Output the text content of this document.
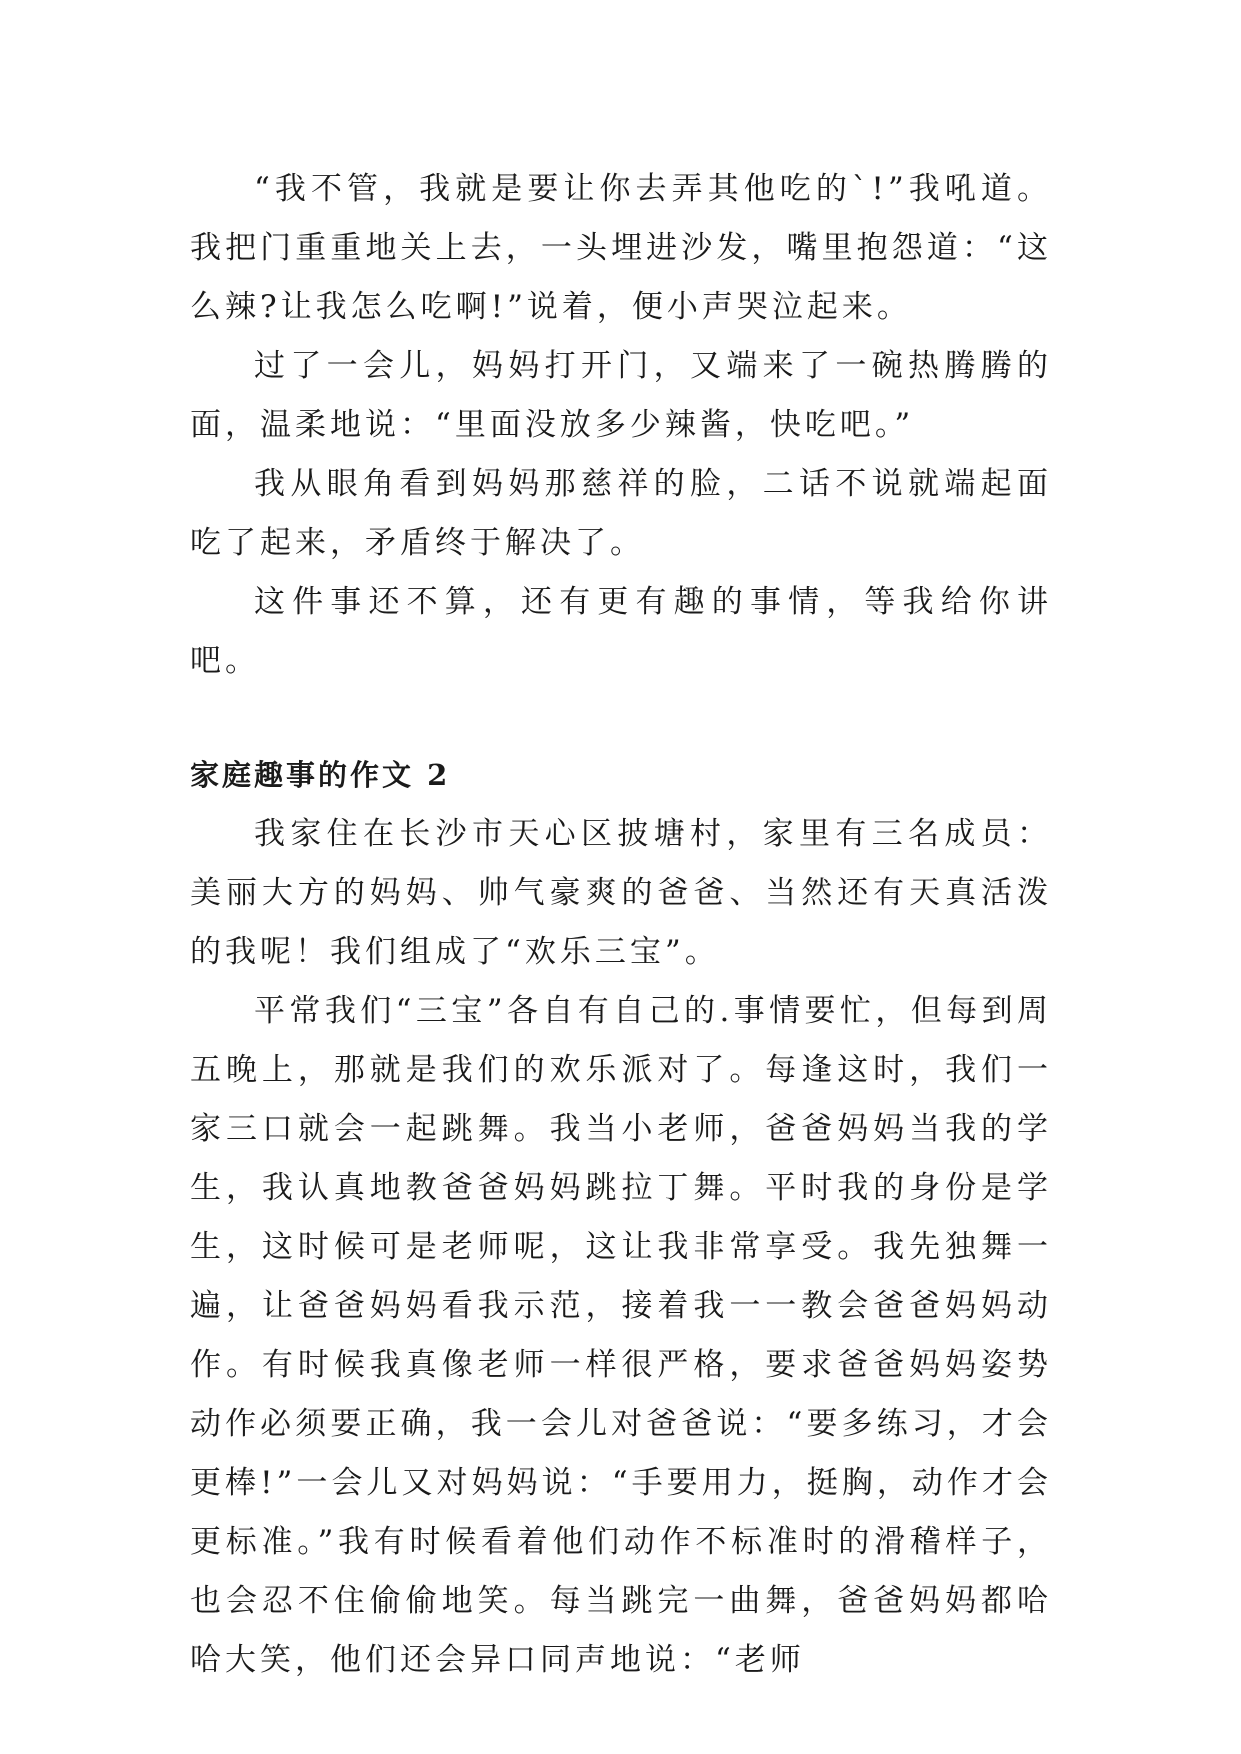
“我不管，我就是要让你去弄其他吃的`!”我吼道。我把门重重地关上去，一头埋进沙发，嘴里抱怨道：“这么辣?让我怎么吃啊!”说着，便小声哭泣起来。

过了一会儿，妈妈打开门，又端来了一碗热腾腾的面，温柔地说：“里面没放多少辣酱，快吃吧。”

我从眼角看到妈妈那慈祥的脸，二话不说就端起面吃了起来，矛盾终于解决了。

这件事还不算，还有更有趣的事情，等我给你讲吧。

家庭趣事的作文 2

我家住在长沙市天心区披塘村，家里有三名成员：美丽大方的妈妈、帅气豪爽的爸爸、当然还有天真活泼的我呢！我们组成了“欢乐三宝”。

平常我们“三宝”各自有自己的.事情要忙，但每到周五晚上，那就是我们的欢乐派对了。每逢这时，我们一家三口就会一起跳舞。我当小老师，爸爸妈妈当我的学生，我认真地教爸爸妈妈跳拉丁舞。平时我的身份是学生，这时候可是老师呢，这让我非常享受。我先独舞一遍，让爸爸妈妈看我示范，接着我一一教会爸爸妈妈动作。有时候我真像老师一样很严格，要求爸爸妈妈姿势动作必须要正确，我一会儿对爸爸说：“要多练习，才会更棒!”一会儿又对妈妈说：“手要用力，挺胸，动作才会更标准。”我有时候看着他们动作不标准时的滑稽样子，也会忍不住偷偷地笑。每当跳完一曲舞，爸爸妈妈都哈哈大笑，他们还会异口同声地说：“老师
